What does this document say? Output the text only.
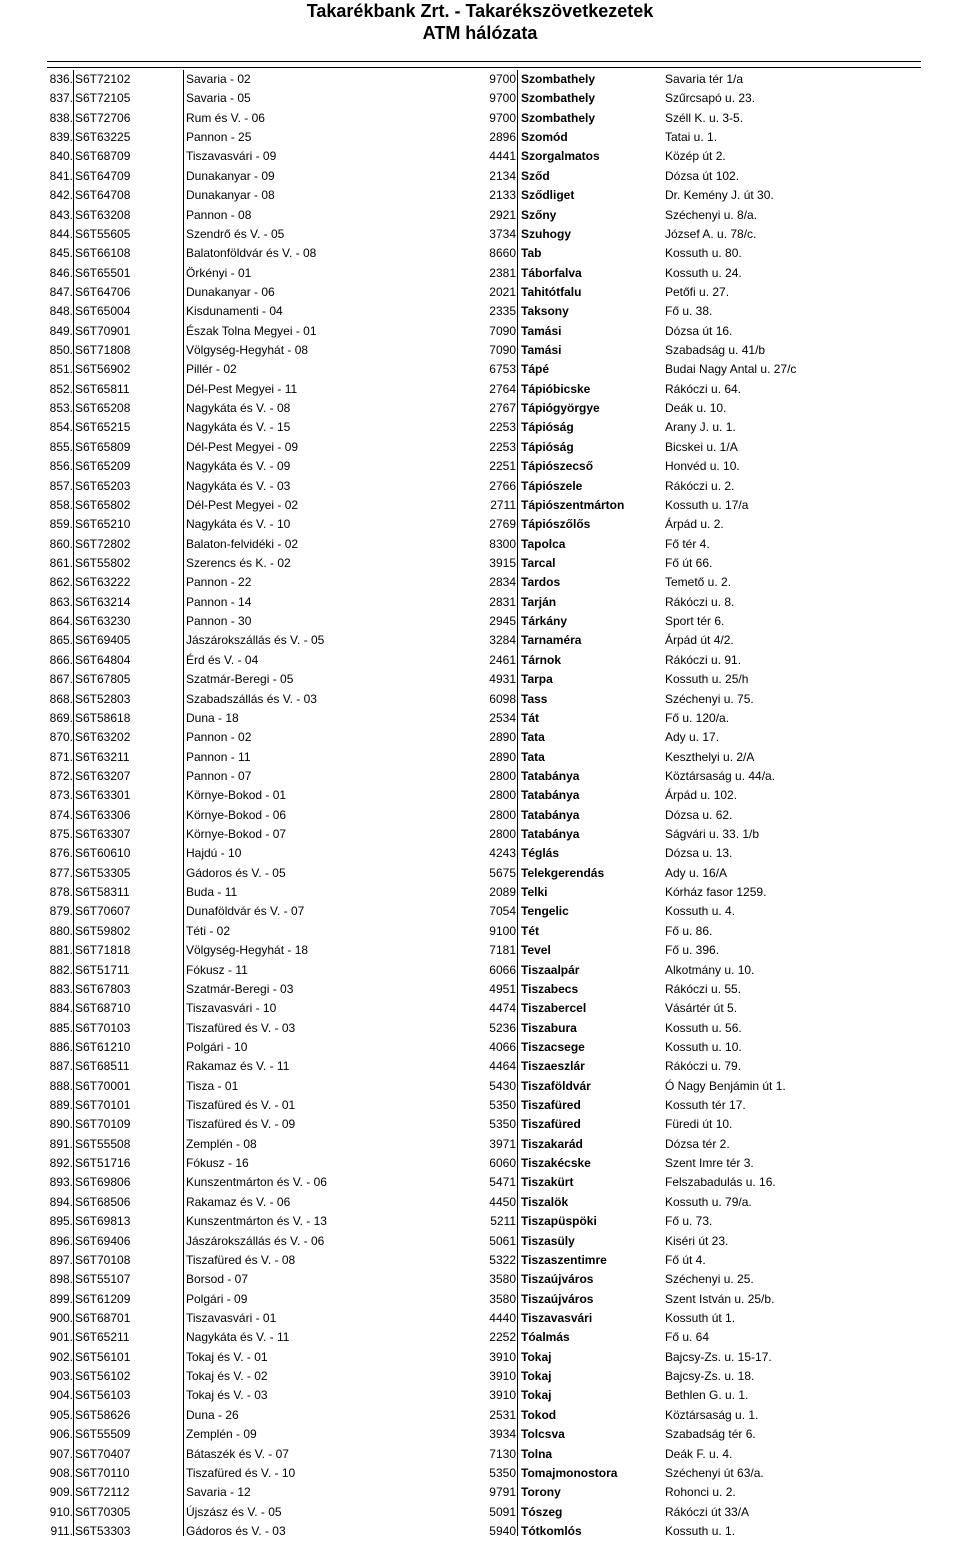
Takarékbank Zrt. - Takarékszövetkezetek
ATM hálózata
836. S6T72102	Savaria - 02	9700 Szombathely	Savaria tér 1/a
837. S6T72105	Savaria - 05	9700 Szombathely	Szűrcsapó u. 23.
838. S6T72706	Rum és V. - 06	9700 Szombathely	Széll K. u. 3-5.
839. S6T63225	Pannon - 25	2896 Szomód	Tatai u. 1.
840. S6T68709	Tiszavasvári - 09	4441 Szorgalmatos	Közép út 2.
841. S6T64709	Dunakanyar - 09	2134 Sződ	Dózsa út 102.
842. S6T64708	Dunakanyar - 08	2133 Sződliget	Dr. Kemény J. út 30.
843. S6T63208	Pannon - 08	2921 Szőny	Széchenyi u. 8/a.
844. S6T55605	Szendrő és V. - 05	3734 Szuhogy	József A. u. 78/c.
845. S6T66108	Balatonföldvár és V. - 08	8660 Tab	Kossuth u. 80.
846. S6T65501	Örkényi - 01	2381 Táborfalva	Kossuth u. 24.
847. S6T64706	Dunakanyar - 06	2021 Tahitótfalu	Petőfi u. 27.
848. S6T65004	Kisdunamenti - 04	2335 Taksony	Fő u. 38.
849. S6T70901	Észak Tolna Megyei - 01	7090 Tamási	Dózsa út 16.
850. S6T71808	Völgység-Hegyhát - 08	7090 Tamási	Szabadság u. 41/b
851. S6T56902	Pillér - 02	6753 Tápé	Budai Nagy Antal u. 27/c
852. S6T65811	Dél-Pest Megyei - 11	2764 Tápióbicske	Rákóczi u. 64.
853. S6T65208	Nagykáta és V. - 08	2767 Tápiógyörgye	Deák u. 10.
854. S6T65215	Nagykáta és V. - 15	2253 Tápióság	Arany J. u. 1.
855. S6T65809	Dél-Pest Megyei - 09	2253 Tápióság	Bicskei u. 1/A
856. S6T65209	Nagykáta és V. - 09	2251 Tápiószecső	Honvéd u. 10.
857. S6T65203	Nagykáta és V. - 03	2766 Tápiószele	Rákóczi u. 2.
858. S6T65802	Dél-Pest Megyei - 02	2711 Tápiószentmárton	Kossuth u. 17/a
859. S6T65210	Nagykáta és V. - 10	2769 Tápiószőlős	Árpád u. 2.
860. S6T72802	Balaton-felvidéki - 02	8300 Tapolca	Fő tér 4.
861. S6T55802	Szerencs és K. - 02	3915 Tarcal	Fő út 66.
862. S6T63222	Pannon - 22	2834 Tardos	Temető u. 2.
863. S6T63214	Pannon - 14	2831 Tarján	Rákóczi u. 8.
864. S6T63230	Pannon - 30	2945 Tárkány	Sport tér 6.
865. S6T69405	Jászárokszállás és V. - 05	3284 Tarnaméra	Árpád út 4/2.
866. S6T64804	Érd és V. - 04	2461 Tárnok	Rákóczi u. 91.
867. S6T67805	Szatmár-Beregi - 05	4931 Tarpa	Kossuth u. 25/h
868. S6T52803	Szabadszállás és V. - 03	6098 Tass	Széchenyi u. 75.
869. S6T58618	Duna - 18	2534 Tát	Fő u. 120/a.
870. S6T63202	Pannon - 02	2890 Tata	Ady u. 17.
871. S6T63211	Pannon - 11	2890 Tata	Keszthelyi u. 2/A
872. S6T63207	Pannon - 07	2800 Tatabánya	Köztársaság u. 44/a.
873. S6T63301	Környe-Bokod - 01	2800 Tatabánya	Árpád u. 102.
874. S6T63306	Környe-Bokod - 06	2800 Tatabánya	Dózsa u. 62.
875. S6T63307	Környe-Bokod - 07	2800 Tatabánya	Ságvári u. 33. 1/b
876. S6T60610	Hajdú - 10	4243 Téglás	Dózsa u. 13.
877. S6T53305	Gádoros és V. - 05	5675 Telekgerendás	Ady u. 16/A
878. S6T58311	Buda - 11	2089 Telki	Kórház fasor 1259.
879. S6T70607	Dunaföldvár és V. - 07	7054 Tengelic	Kossuth u. 4.
880. S6T59802	Téti - 02	9100 Tét	Fő u. 86.
881. S6T71818	Völgység-Hegyhát - 18	7181 Tevel	Fő u. 396.
882. S6T51711	Fókusz - 11	6066 Tiszaalpár	Alkotmány u. 10.
883. S6T67803	Szatmár-Beregi - 03	4951 Tiszabecs	Rákóczi u. 55.
884. S6T68710	Tiszavasvári - 10	4474 Tiszabercel	Vásártér út 5.
885. S6T70103	Tiszafüred és V. - 03	5236 Tiszabura	Kossuth u. 56.
886. S6T61210	Polgári - 10	4066 Tiszacsege	Kossuth u. 10.
887. S6T68511	Rakamaz és V. - 11	4464 Tiszaeszlár	Rákóczi u. 79.
888. S6T70001	Tisza - 01	5430 Tiszaföldvár	Ó Nagy Benjámin út 1.
889. S6T70101	Tiszafüred és V. - 01	5350 Tiszafüred	Kossuth tér 17.
890. S6T70109	Tiszafüred és V. - 09	5350 Tiszafüred	Füredi út 10.
891. S6T55508	Zemplén - 08	3971 Tiszakarád	Dózsa tér 2.
892. S6T51716	Fókusz - 16	6060 Tiszakécske	Szent Imre tér 3.
893. S6T69806	Kunszentmárton és V. - 06	5471 Tiszakürt	Felszabadulás u. 16.
894. S6T68506	Rakamaz és V. - 06	4450 Tiszalök	Kossuth u. 79/a.
895. S6T69813	Kunszentmárton és V. - 13	5211 Tiszapüspöki	Fő u. 73.
896. S6T69406	Jászárokszállás és V. - 06	5061 Tiszasüly	Kiséri út 23.
897. S6T70108	Tiszafüred és V. - 08	5322 Tiszaszentimre	Fő út 4.
898. S6T55107	Borsod - 07	3580 Tiszaújváros	Széchenyi u. 25.
899. S6T61209	Polgári - 09	3580 Tiszaújváros	Szent István u. 25/b.
900. S6T68701	Tiszavasvári - 01	4440 Tiszavasvári	Kossuth út 1.
901. S6T65211	Nagykáta és V. - 11	2252 Tóalmás	Fő u. 64
902. S6T56101	Tokaj és V. - 01	3910 Tokaj	Bajcsy-Zs. u. 15-17.
903. S6T56102	Tokaj és V. - 02	3910 Tokaj	Bajcsy-Zs. u. 18.
904. S6T56103	Tokaj és V. - 03	3910 Tokaj	Bethlen G. u. 1.
905. S6T58626	Duna - 26	2531 Tokod	Köztársaság u. 1.
906. S6T55509	Zemplén - 09	3934 Tolcsva	Szabadság tér 6.
907. S6T70407	Bátaszék és V. - 07	7130 Tolna	Deák F. u. 4.
908. S6T70110	Tiszafüred és V. - 10	5350 Tomajmonostora	Széchenyi út 63/a.
909. S6T72112	Savaria - 12	9791 Torony	Rohonci u. 2.
910. S6T70305	Újszász és V. - 05	5091 Tószeg	Rákóczi út 33/A
911. S6T53303	Gádoros és V. - 03	5940 Tótkomlós	Kossuth u. 1.
